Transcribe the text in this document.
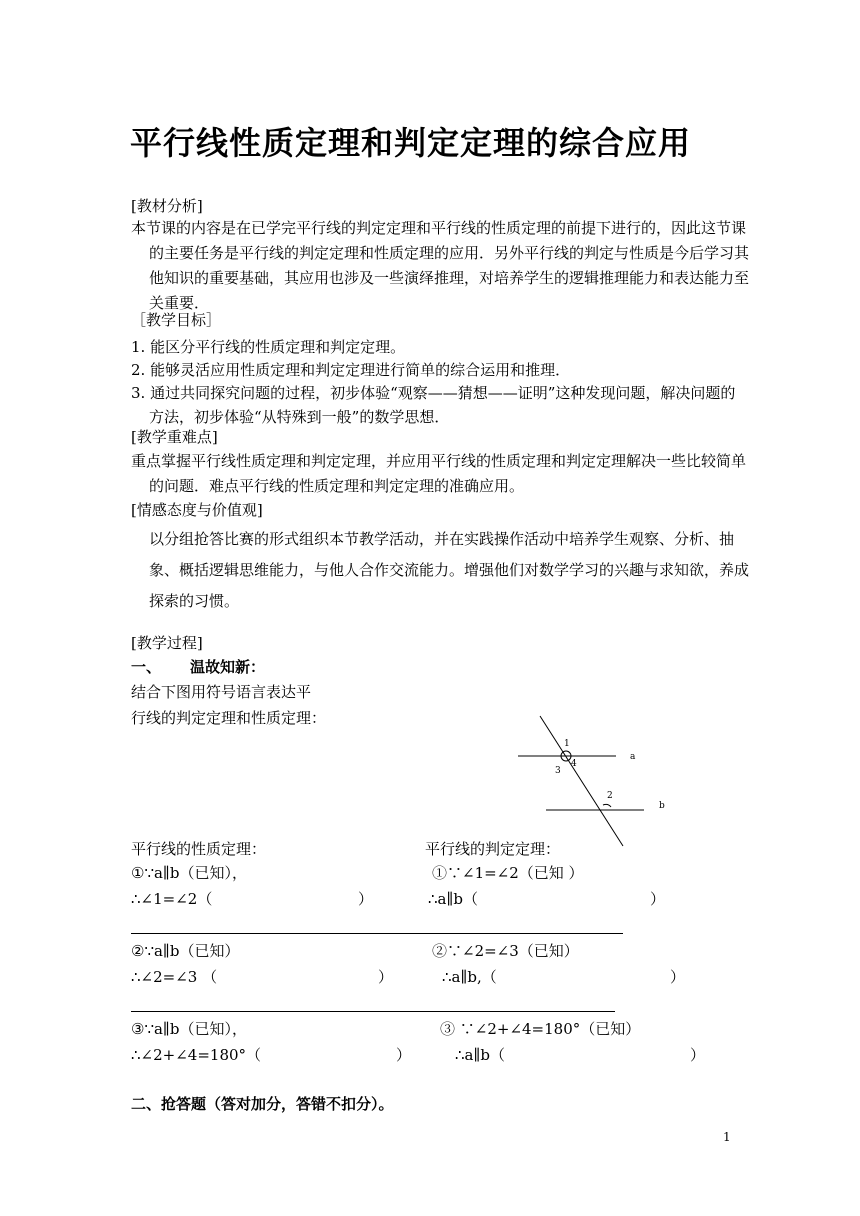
平行线性质定理和判定定理的综合应用
[教材分析]
本节课的内容是在已学完平行线的判定定理和平行线的性质定理的前提下进行的，因此这节课的主要任务是平行线的判定定理和性质定理的应用．另外平行线的判定与性质是今后学习其他知识的重要基础，其应用也涉及一些演绎推理，对培养学生的逻辑推理能力和表达能力至关重要．
［教学目标］
1. 能区分平行线的性质定理和判定定理。
2. 能够灵活应用性质定理和判定定理进行简单的综合运用和推理．
3. 通过共同探究问题的过程，初步体验“观察——猜想——证明”这种发现问题，解决问题的方法，初步体验“从特殊到一般”的数学思想．
[教学重难点]
重点掌握平行线性质定理和判定定理，并应用平行线的性质定理和判定定理解决一些比较简单的问题．难点平行线的性质定理和判定定理的准确应用。
[情感态度与价值观]
以分组抢答比赛的形式组织本节教学活动，并在实践操作活动中培养学生观察、分析、抽象、概括逻辑思维能力，与他人合作交流能力。增强他们对数学学习的兴趣与求知欲，养成探索的习惯。
[教学过程]
一、 温故知新：
结合下图用符号语言表达平
行线的判定定理和性质定理：
1
4
3
2
a
b
平行线的性质定理：	平行线的判定定理：
①∵a∥b（已知），	①∵∠1=∠2（已知 ）
∴∠1=∠2（	）	∴a∥b（	）
②∵a∥b（已知）	②∵∠2=∠3（已知）
∴∠2=∠3 （	）	∴a∥b,（	）
③∵a∥b（已知），	③ ∵∠2+∠4=180°（已知）
∴∠2+∠4=180°（	）	∴a∥b（	）
二、抢答题（答对加分，答错不扣分）。
1
